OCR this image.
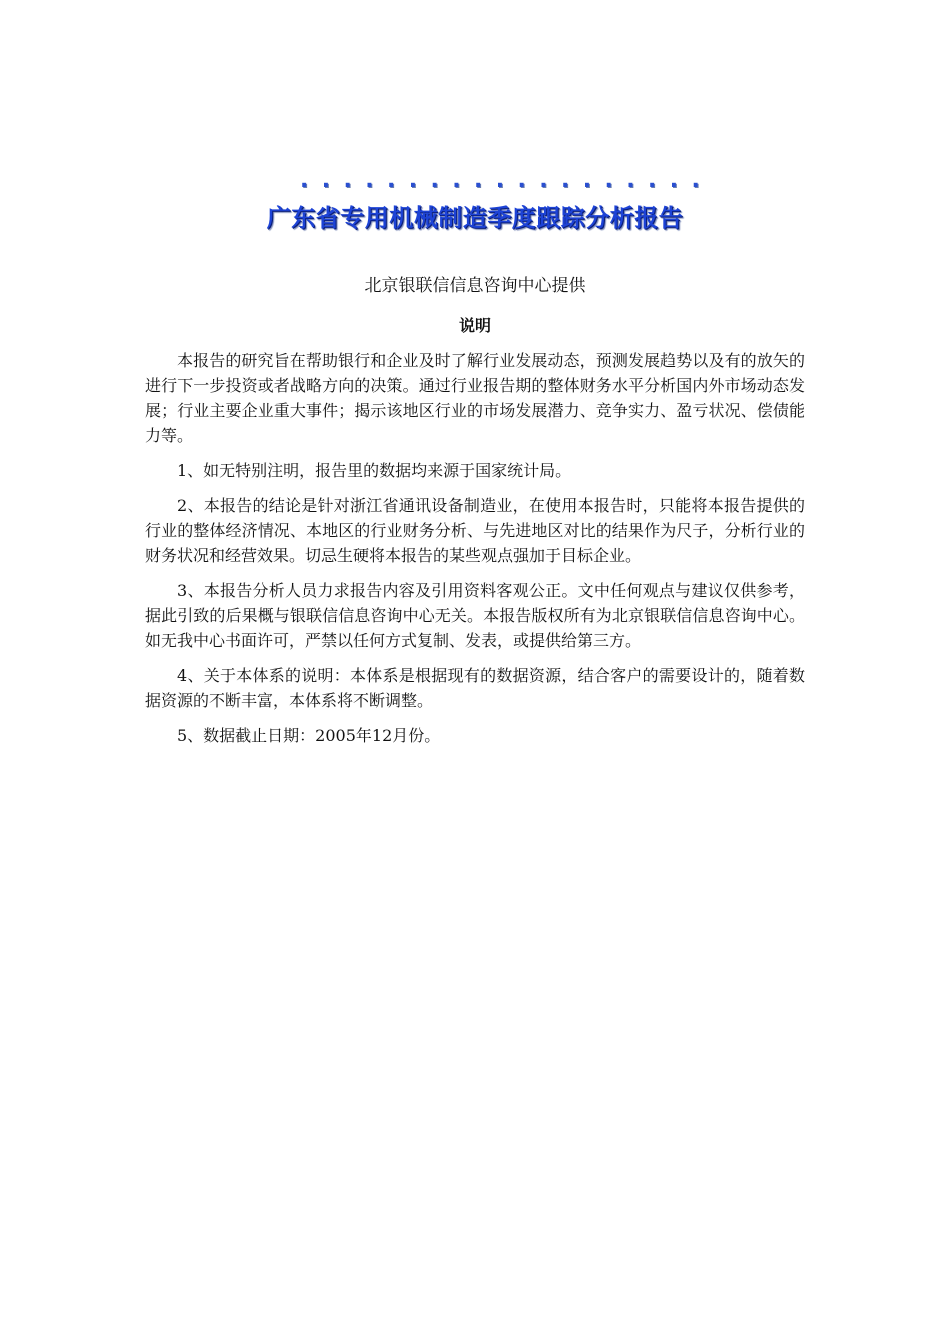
. . . . . . . . . . . . . . . . . . .
广东省专用机械制造季度跟踪分析报告
北京银联信信息咨询中心提供
说明

本报告的研究旨在帮助银行和企业及时了解行业发展动态，预测发展趋势以及有的放矢的进行下一步投资或者战略方向的决策。通过行业报告期的整体财务水平分析国内外市场动态发展；行业主要企业重大事件；揭示该地区行业的市场发展潜力、竞争实力、盈亏状况、偿债能力等。

1、如无特别注明，报告里的数据均来源于国家统计局。

2、本报告的结论是针对浙江省通讯设备制造业，在使用本报告时，只能将本报告提供的行业的整体经济情况、本地区的行业财务分析、与先进地区对比的结果作为尺子，分析行业的财务状况和经营效果。切忌生硬将本报告的某些观点强加于目标企业。

3、本报告分析人员力求报告内容及引用资料客观公正。文中任何观点与建议仅供参考，据此引致的后果概与银联信信息咨询中心无关。本报告版权所有为北京银联信信息咨询中心。如无我中心书面许可，严禁以任何方式复制、发表，或提供给第三方。

4、关于本体系的说明：本体系是根据现有的数据资源，结合客户的需要设计的，随着数据资源的不断丰富，本体系将不断调整。

5、数据截止日期：2005年12月份。
